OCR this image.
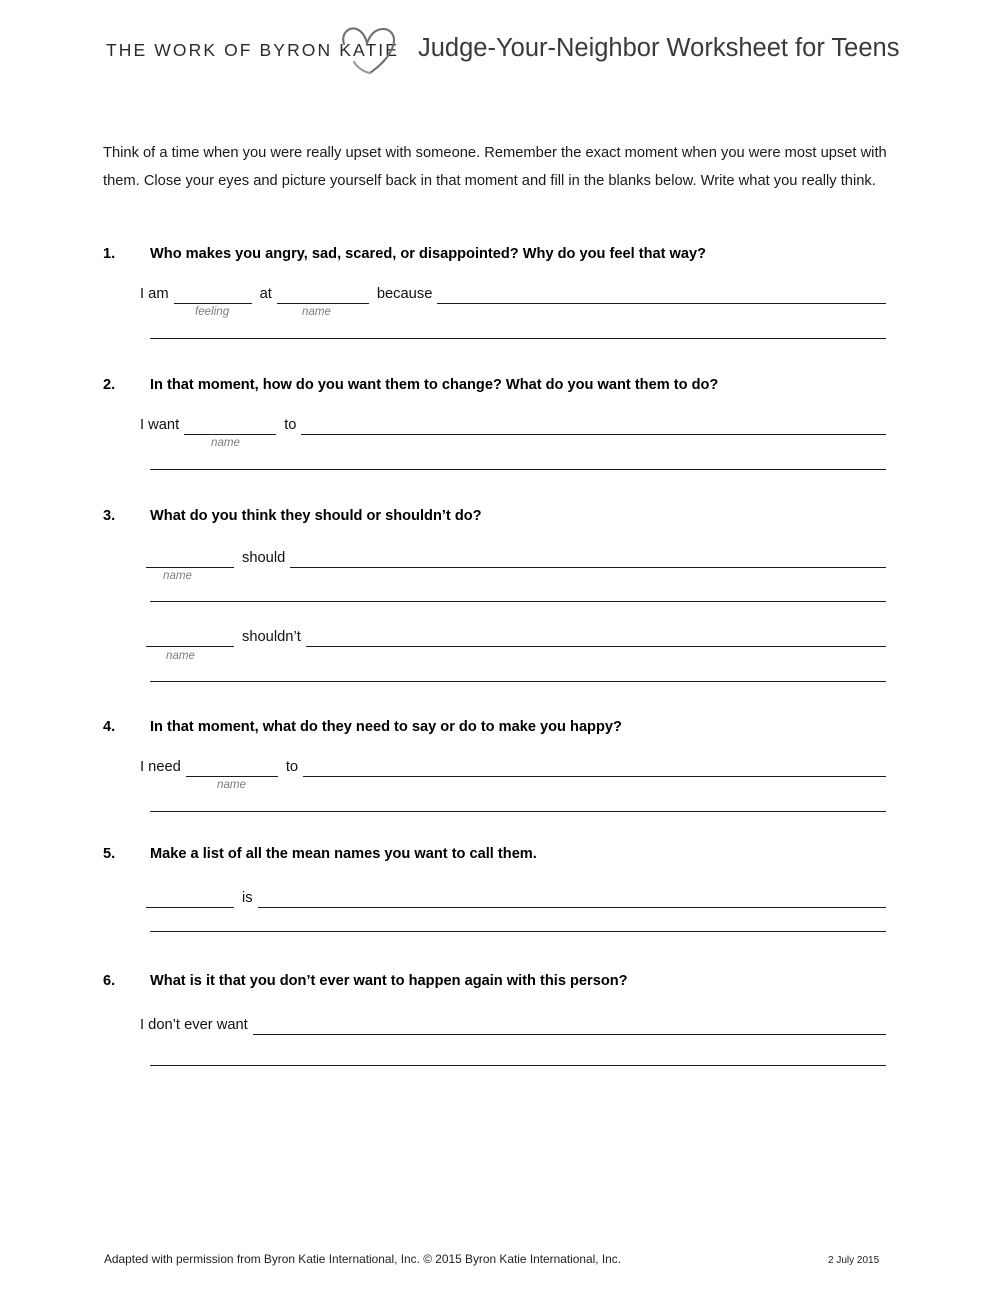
THE WORK OF BYRON KATIE Judge-Your-Neighbor Worksheet for Teens
Think of a time when you were really upset with someone. Remember the exact moment when you were most upset with them. Close your eyes and picture yourself back in that moment and fill in the blanks below. Write what you really think.
1. Who makes you angry, sad, scared, or disappointed? Why do you feel that way?
I am	at	because
feeling	name
2. In that moment, how do you want them to change? What do you want them to do?
I want	to
name
3. What do you think they should or shouldn’t do?
should
name
shouldn’t
name
4. In that moment, what do they need to say or do to make you happy?
I need	to
name
5. Make a list of all the mean names you want to call them.
is
6. What is it that you don’t ever want to happen again with this person?
I don’t ever want
Adapted with permission from Byron Katie International, Inc. © 2015 Byron Katie International, Inc.	2 July 2015
